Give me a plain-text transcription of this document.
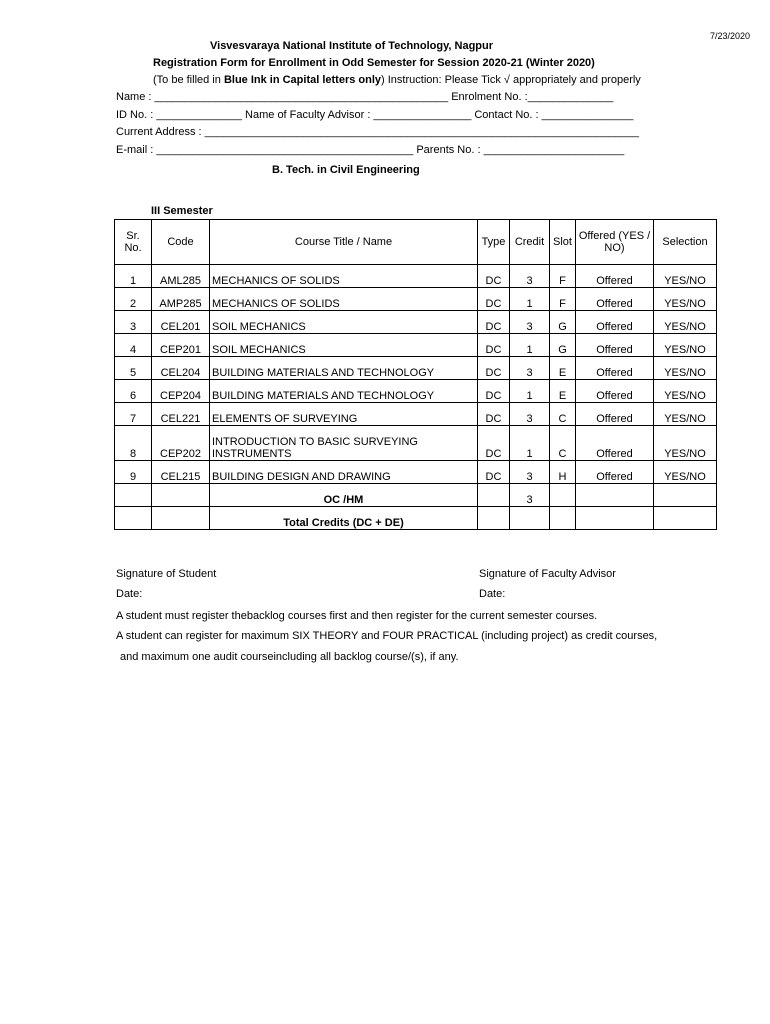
7/23/2020
Visvesvaraya National Institute of Technology, Nagpur
Registration Form for Enrollment in Odd Semester for Session 2020-21 (Winter 2020)
(To be filled in Blue Ink in Capital letters only) Instruction: Please Tick √ appropriately and properly
Name : ________________________________________________ Enrolment No. :______________
ID No. : ______________ Name of Faculty Advisor : ________________ Contact No. : _______________
Current Address : _______________________________________________________________________
E-mail : __________________________________________ Parents No. : _______________________
B. Tech. in Civil Engineering
III Semester
Sr. No.	Code	Course Title / Name	Type	Credit	Slot	Offered (YES / NO)	Selection
1	AML285	MECHANICS OF SOLIDS	DC	3	F	Offered	YES/NO
2	AMP285	MECHANICS OF SOLIDS	DC	1	F	Offered	YES/NO
3	CEL201	SOIL MECHANICS	DC	3	G	Offered	YES/NO
4	CEP201	SOIL MECHANICS	DC	1	G	Offered	YES/NO
5	CEL204	BUILDING MATERIALS AND TECHNOLOGY	DC	3	E	Offered	YES/NO
6	CEP204	BUILDING MATERIALS AND TECHNOLOGY	DC	1	E	Offered	YES/NO
7	CEL221	ELEMENTS OF SURVEYING	DC	3	C	Offered	YES/NO
8	CEP202	INTRODUCTION TO BASIC SURVEYING INSTRUMENTS	DC	1	C	Offered	YES/NO
9	CEL215	BUILDING DESIGN AND DRAWING	DC	3	H	Offered	YES/NO
		OC /HM		3			
		Total Credits (DC + DE)					
Signature of Student	Signature of Faculty Advisor
Date:	Date:
A student must register thebacklog courses first and then register for the current semester courses.
A student can register for maximum SIX THEORY and FOUR PRACTICAL (including project) as credit courses,
and maximum one audit courseincluding all backlog course/(s), if any.
